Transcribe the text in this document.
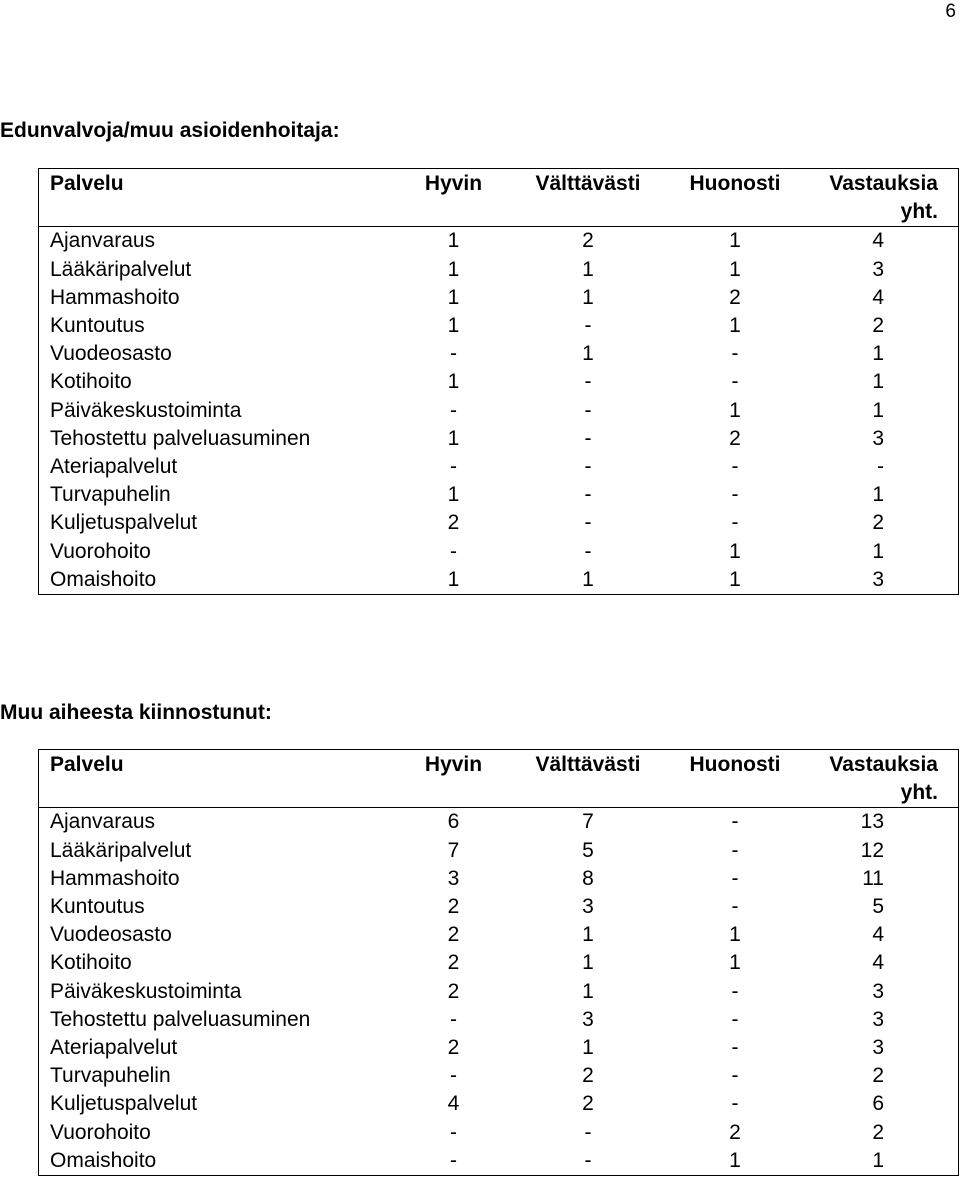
6
Edunvalvoja/muu asioidenhoitaja:
Palvelu	Hyvin	Välttävästi	Huonosti	Vastauksia yht.
Ajanvaraus	1	2	1	4
Lääkäripalvelut	1	1	1	3
Hammashoito	1	1	2	4
Kuntoutus	1	-	1	2
Vuodeosasto	-	1	-	1
Kotihoito	1	-	-	1
Päiväkeskustoiminta	-	-	1	1
Tehostettu palveluasuminen	1	-	2	3
Ateriapalvelut	-	-	-	-
Turvapuhelin	1	-	-	1
Kuljetuspalvelut	2	-	-	2
Vuorohoito	-	-	1	1
Omaishoito	1	1	1	3
Muu aiheesta kiinnostunut:
Palvelu	Hyvin	Välttävästi	Huonosti	Vastauksia yht.
Ajanvaraus	6	7	-	13
Lääkäripalvelut	7	5	-	12
Hammashoito	3	8	-	11
Kuntoutus	2	3	-	5
Vuodeosasto	2	1	1	4
Kotihoito	2	1	1	4
Päiväkeskustoiminta	2	1	-	3
Tehostettu palveluasuminen	-	3	-	3
Ateriapalvelut	2	1	-	3
Turvapuhelin	-	2	-	2
Kuljetuspalvelut	4	2	-	6
Vuorohoito	-	-	2	2
Omaishoito	-	-	1	1
